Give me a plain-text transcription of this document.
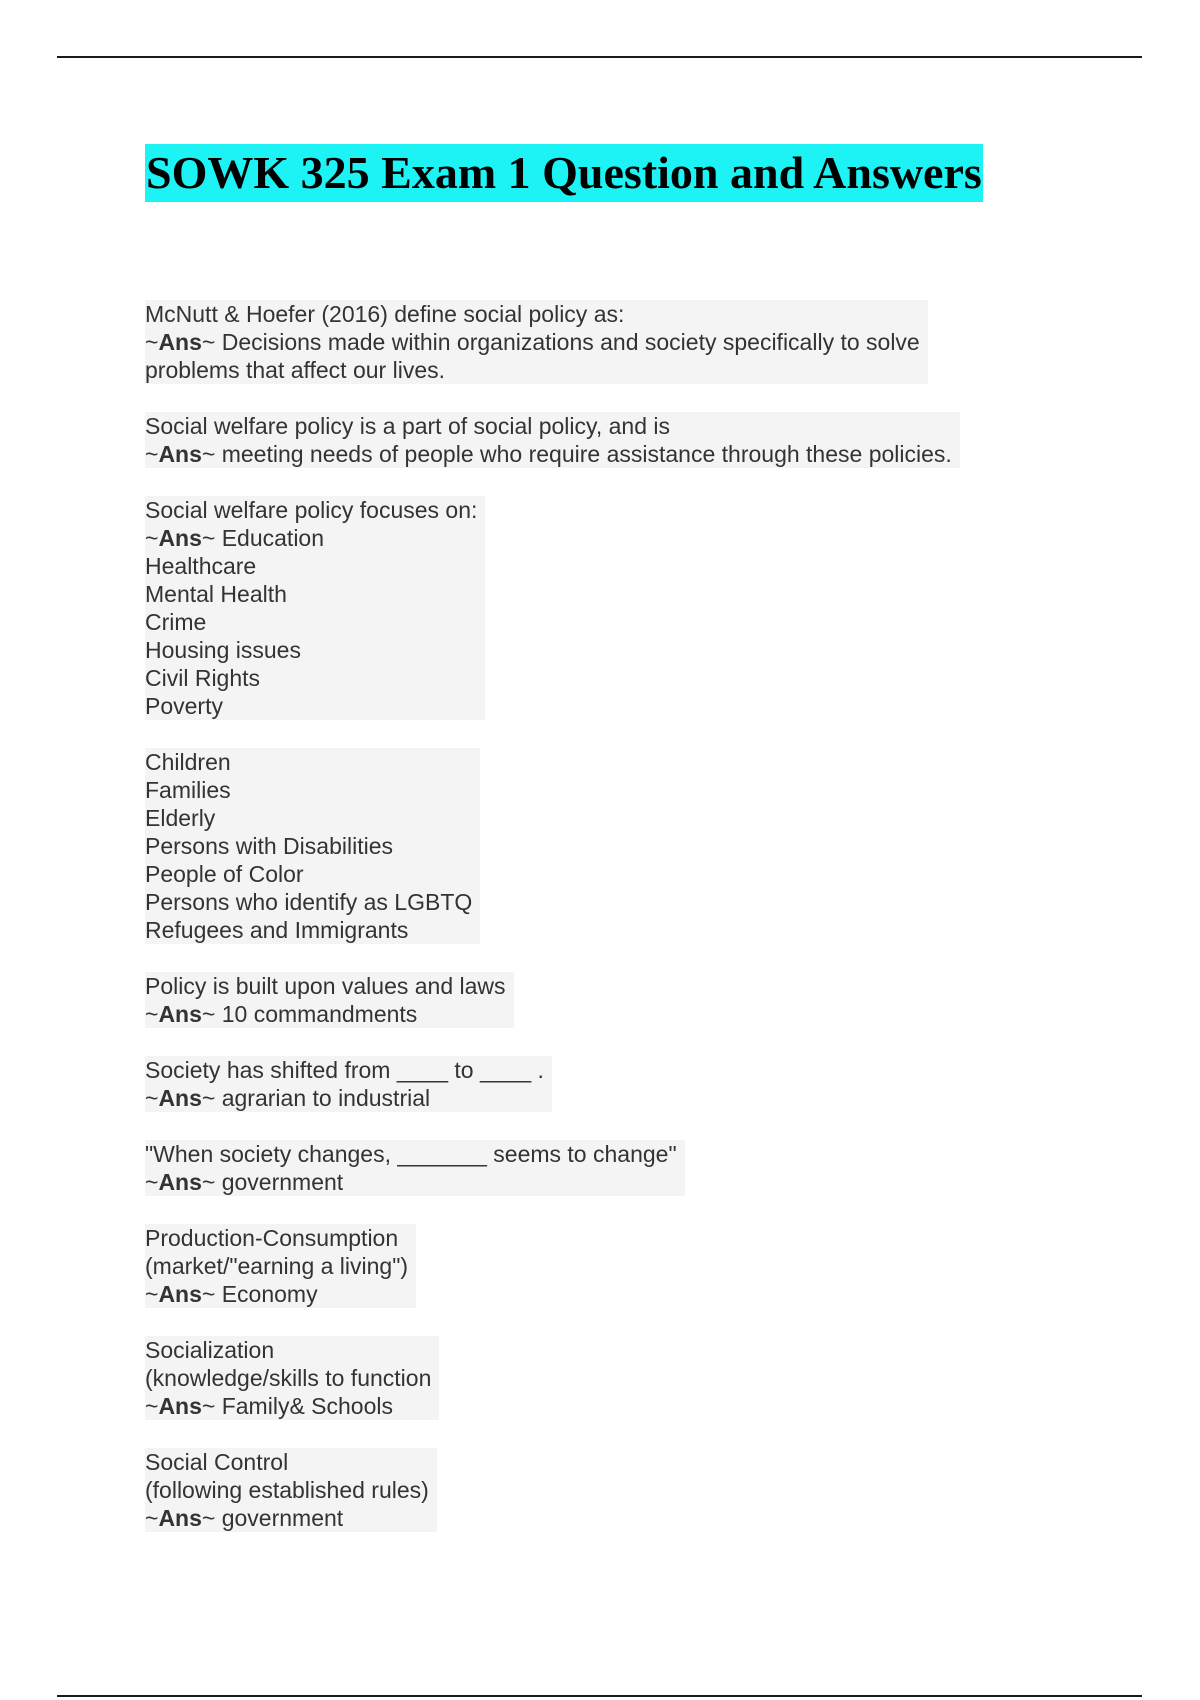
SOWK 325 Exam 1 Question and Answers
McNutt & Hoefer (2016) define social policy as:
~Ans~ Decisions made within organizations and society specifically to solve
problems that affect our lives.
Social welfare policy is a part of social policy, and is
~Ans~ meeting needs of people who require assistance through these policies.
Social welfare policy focuses on:
~Ans~ Education
Healthcare
Mental Health
Crime
Housing issues
Civil Rights
Poverty
Children
Families
Elderly
Persons with Disabilities
People of Color
Persons who identify as LGBTQ
Refugees and Immigrants
Policy is built upon values and laws
~Ans~ 10 commandments
Society has shifted from ____ to ____ .
~Ans~ agrarian to industrial
"When society changes, _______ seems to change"
~Ans~ government
Production-Consumption
(market/"earning a living")
~Ans~ Economy
Socialization
(knowledge/skills to function
~Ans~ Family& Schools
Social Control
(following established rules)
~Ans~ government
